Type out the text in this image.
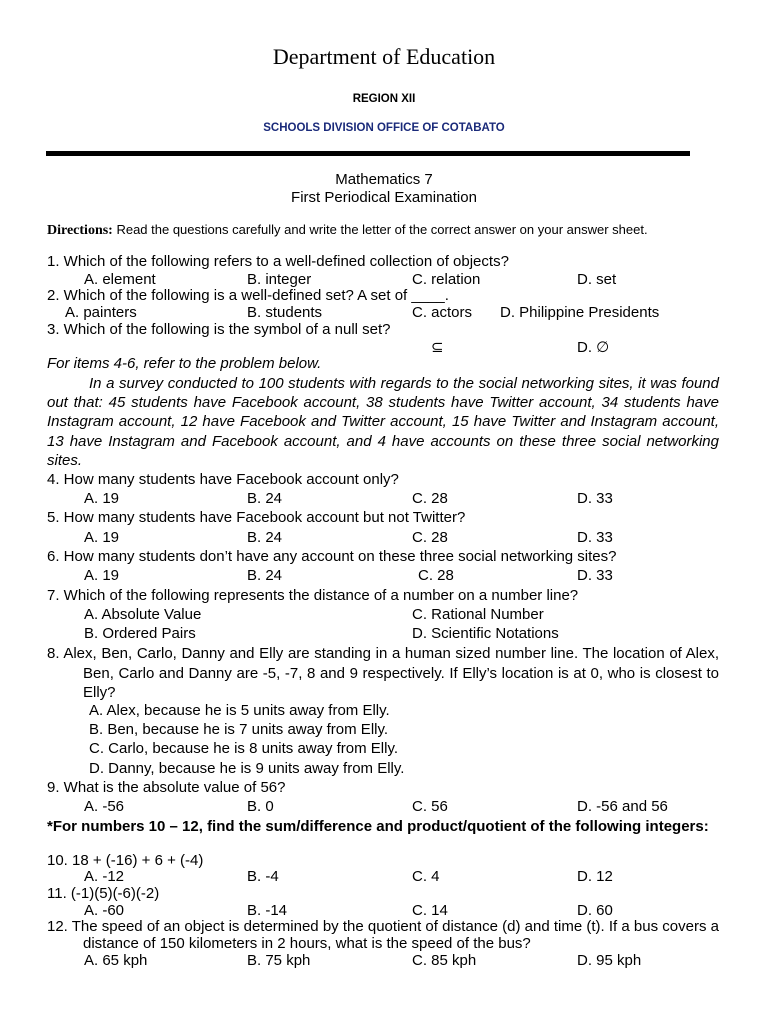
Department of Education
REGION XII
SCHOOLS DIVISION OFFICE OF COTABATO
Mathematics 7
First Periodical Examination
Directions: Read the questions carefully and write the letter of the correct answer on your answer sheet.
1. Which of the following refers to a well-defined collection of objects?
A. element	B. integer	C. relation	D. set
2. Which of the following is a well-defined set? A set of ____.
A. painters	B. students	C. actors D. Philippine Presidents
3. Which of the following is the symbol of a null set?
⊆	D. ∅
For items 4-6, refer to the problem below.
In a survey conducted to 100 students with regards to the social networking sites, it was found out that: 45 students have Facebook account, 38 students have Twitter account, 34 students have Instagram account, 12 have Facebook and Twitter account, 15 have Twitter and Instagram account, 13 have Instagram and Facebook account, and 4 have accounts on these three social networking sites.
4. How many students have Facebook account only?
A. 19	B. 24	C. 28	D. 33
5. How many students have Facebook account but not Twitter?
A. 19	B. 24	C. 28	D. 33
6. How many students don’t have any account on these three social networking sites?
A. 19	B. 24	C. 28	D. 33
7. Which of the following represents the distance of a number on a number line?
A. Absolute Value	C. Rational Number
B. Ordered Pairs	D. Scientific Notations
8. Alex, Ben, Carlo, Danny and Elly are standing in a human sized number line. The location of Alex, Ben, Carlo and Danny are -5, -7, 8 and 9 respectively. If Elly’s location is at 0, who is closest to Elly?
A. Alex, because he is 5 units away from Elly.
B. Ben, because he is 7 units away from Elly.
C. Carlo, because he is 8 units away from Elly.
D. Danny, because he is 9 units away from Elly.
9. What is the absolute value of 56?
A. -56	B. 0	C. 56	D. -56 and 56
*For numbers 10 – 12, find the sum/difference and product/quotient of the following integers:
10. 18 + (-16) + 6 + (-4)
A. -12	B. -4	C. 4	D. 12
11. (-1)(5)(-6)(-2)
A. -60	B. -14	C. 14	D. 60
12. The speed of an object is determined by the quotient of distance (d) and time (t). If a bus covers a distance of 150 kilometers in 2 hours, what is the speed of the bus?
A. 65 kph	B. 75 kph	C. 85 kph	D. 95 kph
